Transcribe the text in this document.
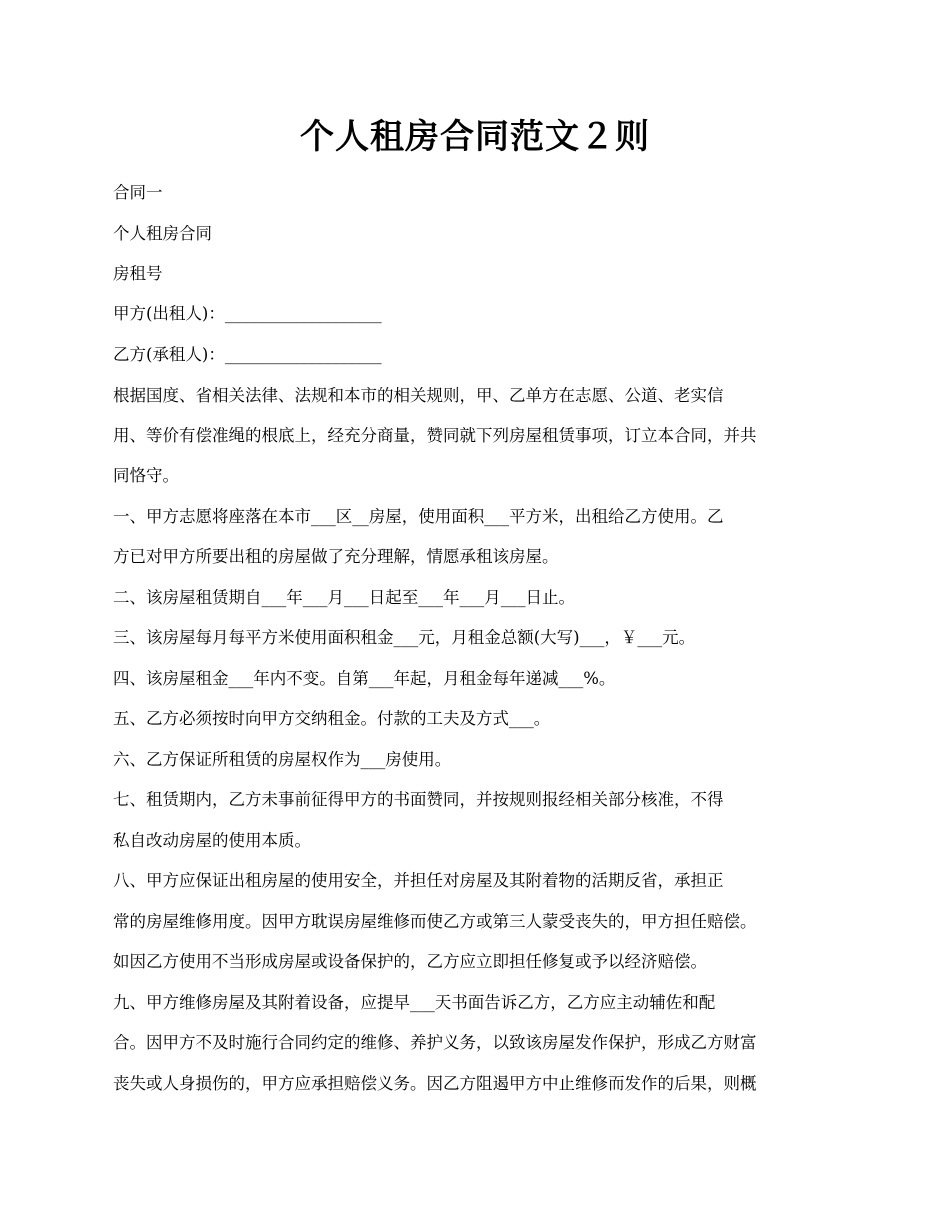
个人租房合同范文２则
合同一
个人租房合同
房租号
甲方(出租人)：___________________
乙方(承租人)：___________________
根据国度、省相关法律、法规和本市的相关规则，甲、乙单方在志愿、公道、老实信
用、等价有偿准绳的根底上，经充分商量，赞同就下列房屋租赁事项，订立本合同，并共
同恪守。
一、甲方志愿将座落在本市___区__房屋，使用面积___平方米，出租给乙方使用。乙
方已对甲方所要出租的房屋做了充分理解，情愿承租该房屋。
二、该房屋租赁期自___年___月___日起至___年___月___日止。
三、该房屋每月每平方米使用面积租金___元，月租金总额(大写)___，￥___元。
四、该房屋租金___年内不变。自第___年起，月租金每年递减___%。
五、乙方必须按时向甲方交纳租金。付款的工夫及方式___。
六、乙方保证所租赁的房屋权作为___房使用。
七、租赁期内，乙方未事前征得甲方的书面赞同，并按规则报经相关部分核准，不得
私自改动房屋的使用本质。
八、甲方应保证出租房屋的使用安全，并担任对房屋及其附着物的活期反省，承担正
常的房屋维修用度。因甲方耽误房屋维修而使乙方或第三人蒙受丧失的，甲方担任赔偿。
如因乙方使用不当形成房屋或设备保护的，乙方应立即担任修复或予以经济赔偿。
九、甲方维修房屋及其附着设备，应提早___天书面告诉乙方，乙方应主动辅佐和配
合。因甲方不及时施行合同约定的维修、养护义务，以致该房屋发作保护，形成乙方财富
丧失或人身损伤的，甲方应承担赔偿义务。因乙方阻遏甲方中止维修而发作的后果，则概
